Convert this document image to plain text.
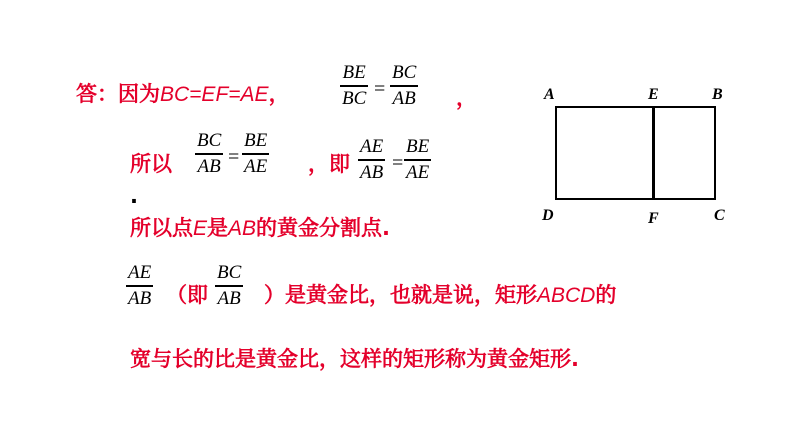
答：因为BC=EF=AE，
BE
BC =
BC
AB ，
所以
BC
AB =
BE
AE ，即
AE
AB =
BE
AE
.
所以点E是AB的黄金分割点.
AE
AB （即
BC
AB ）是黄金比，也就是说，矩形ABCD的
宽与长的比是黄金比，这样的矩形称为黄金矩形.
A	E	B
D	F	C
